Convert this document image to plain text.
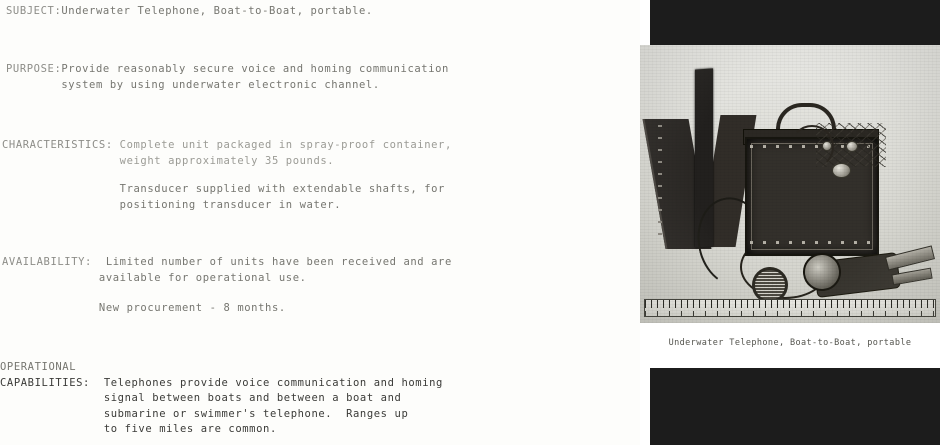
SUBJECT:Underwater Telephone, Boat-to-Boat, portable.
PURPOSE:Provide reasonably secure voice and homing communication
system by using underwater electronic channel.
CHARACTERISTICS: Complete unit packaged in spray-proof container,
weight approximately 35 pounds.
Transducer supplied with extendable shafts, for
positioning transducer in water.
AVAILABILITY:  Limited number of units have been received and are
available for operational use.
New procurement - 8 months.
OPERATIONAL
CAPABILITIES:  Telephones provide voice communication and homing
signal between boats and between a boat and
submarine or swimmer's telephone.  Ranges up
to five miles are common.
Underwater Telephone, Boat-to-Boat, portable
